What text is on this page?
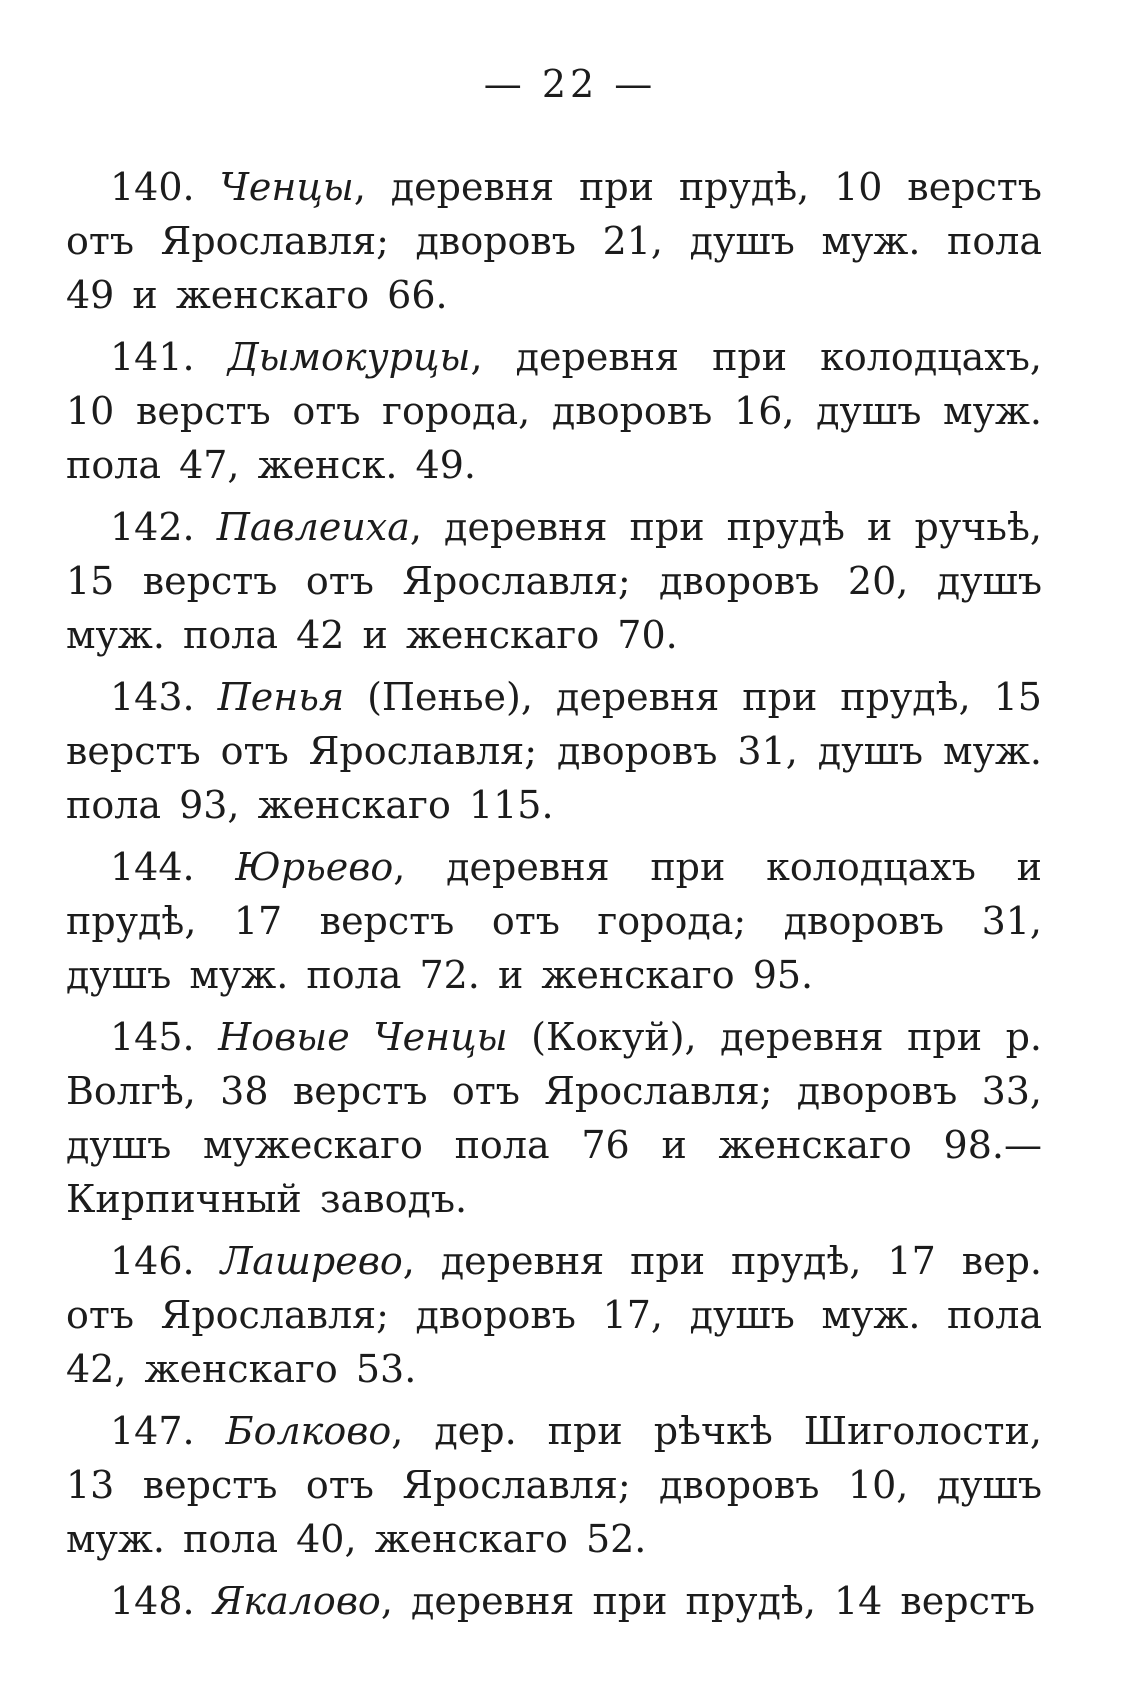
— 22 —

140. Ченцы, деревня при прудѣ, 10 верстъ отъ Ярославля; дворовъ 21, душъ муж. пола 49 и женскаго 66.

141. Дымокурцы, деревня при колодцахъ, 10 верстъ отъ города, дворовъ 16, душъ муж. пола 47, женск. 49.

142. Павлеиха, деревня при прудѣ и ручьѣ, 15 верстъ отъ Ярославля; дворовъ 20, душъ муж. пола 42 и женскаго 70.

143. Пенья (Пенье), деревня при прудѣ, 15 верстъ отъ Ярославля; дворовъ 31, душъ муж. пола 93, женскаго 115.

144. Юрьево, деревня при колодцахъ и прудѣ, 17 верстъ отъ города; дворовъ 31, душъ муж. пола 72. и женскаго 95.

145. Новые Ченцы (Кокуй), деревня при р. Волгѣ, 38 верстъ отъ Ярославля; дворовъ 33, душъ мужескаго пола 76 и женскаго 98.— Кирпичный заводъ.

146. Лашрево, деревня при прудѣ, 17 вер. отъ Ярославля; дворовъ 17, душъ муж. пола 42, женскаго 53.

147. Болково, дер. при рѣчкѣ Шиголости, 13 верстъ отъ Ярославля; дворовъ 10, душъ муж. пола 40, женскаго 52.

148. Якалово, деревня при прудѣ, 14 верстъ
